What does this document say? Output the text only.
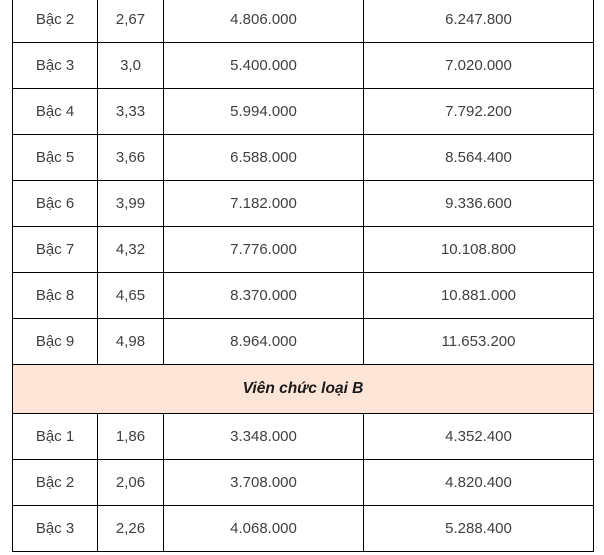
Bậc 2	2,67	4.806.000	6.247.800
Bậc 3	3,0	5.400.000	7.020.000
Bậc 4	3,33	5.994.000	7.792.200
Bậc 5	3,66	6.588.000	8.564.400
Bậc 6	3,99	7.182.000	9.336.600
Bậc 7	4,32	7.776.000	10.108.800
Bậc 8	4,65	8.370.000	10.881.000
Bậc 9	4,98	8.964.000	11.653.200
Viên chức loại B			
Bậc 1	1,86	3.348.000	4.352.400
Bậc 2	2,06	3.708.000	4.820.400
Bậc 3	2,26	4.068.000	5.288.400
